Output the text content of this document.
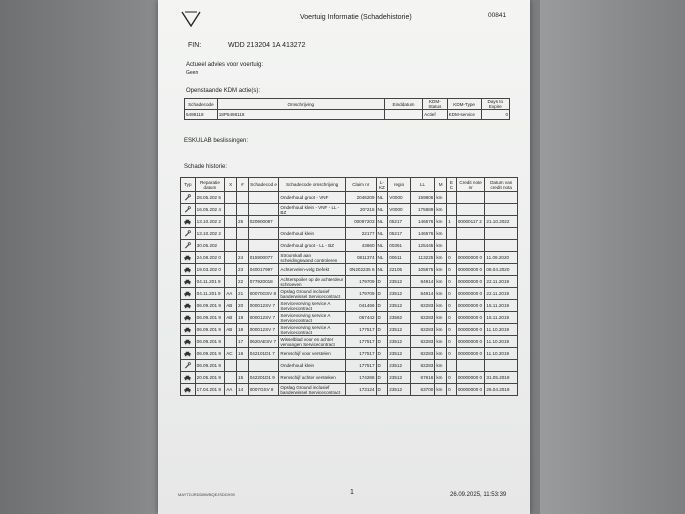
Voertuig Informatie (Schadehistorie)	00841
FIN:	WDD 213204 1A 413272
Actueel advies voor voertuig:
Geen
Openstaande KDM actie(s):
Schadecode	Omschrijving	Einddatum	KDM-Status	KDM-Type	Days to Expire
5498118	18P5498118		Actief	KDM-service	0
ESKULAB beslissingen:
Schade historie:
Typ	Reparatie datum	X	#	Schadecod e	Schadecode omschrijving	Claim nr	L-KZ	regio	LL	M	E C	Credit note nr	Datum van credit nota
	28.05.202 5				Onderhoud groot - VNF	2046209	NL	V0000	159806	km			
	16.05.202 4				Onderhoud klein - VNF - LL - BZ	20*215	NL	V0000	175889	km			
	13.10.202 2		25	020900087		00097203	NL	05217	146576	km	1	00000117 2	21.10.2022
	13.10.202 2				Onderhoud klein	22177	NL	05217	146576	km			
	30.05.202				Onderhoud groot - LL - BZ	43660	NL	00361	125445	km			
	24.08.202 0		24	015900077	Stroomkall aan scheidingswand controleren	0811374	NL	00511	113225	km	0	00000000 0	11.09.2020
	19.03.202 0		23	040017997	Achtervelen-velg Defekt	0N202235 6	NL	22105	105875	km	0	00000000 0	08.04.2020
	04.11.201 9		22	077920018	Achterspoiler op de achterdeur schroeven	179709	D	23512	84914	km	0	00000000 0	22.11.2019
	04.11.201 9	AA	21	00070GSV 8	Opslag Ground inclusief banderwissel Servicecontract	179709	D	23512	84914	km	0	00000000 0	22.11.2019
	06.09.201 9	AB	20	000012SV 7	Servicevorving service A Servicecontract	041466	D	23512	82283	km	0	00000000 0	15.11.2019
	06.09.201 9	AB	19	000012SV 7	Servicevorving service A Servicecontract	057442	D	23562	82283	km	0	00000000 0	15.11.2019
	06.09.201 9	AB	18	000012SV 7	Servicevorving service A Servicecontract	177517	D	23512	82283	km	0	00000000 0	11.10.2019
	06.09.201 9		17	0620AESV 7	Wisselblad voor en achter vervangen Servicecontract	177517	D	23512	82283	km	0	00000000 0	11.10.2019
	06.09.201 9	AC	16	042101D1 7	Remschijf voor verstelen	177517	D	23512	82283	km	0	00000000 0	11.10.2019
	06.09.201 9				Onderhoud klein	177517	D	23512	82283	km			
	20.05.201 9		15	042201D1 9	Remschijf achter versteken	174266	D	23512	67616	km	0	00000000 0	31.05.2019
	17.04.201 9	AA	14	0007GSV 8	Opslag Ground inclusief banderwissel Servicecontract	173124	D	23512	63700	km	0	00000000 0	26.04.2019
MAYTDJRDDBWBQEJSDDX90	1	26.09.2025, 11:53:39
